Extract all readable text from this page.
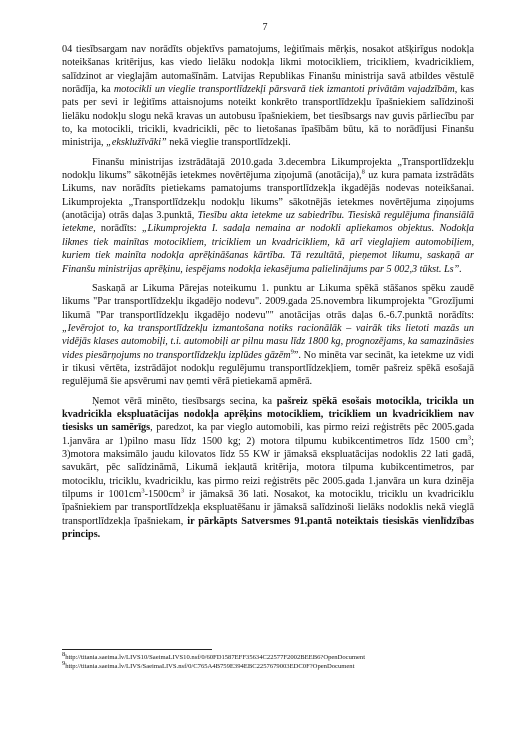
7

04 tiesībsargam nav norādīts objektīvs pamatojums, leģitīmais mērķis, nosakot atšķirīgus nodokļa noteikšanas kritērijus, kas viedo lielāku nodokļa likmi motocikliem, tricikliem, kvadricikliem, salīdzinot ar vieglajām automašīnām. Latvijas Republikas Finanšu ministrija savā atbildes vēstulē norādīja, ka motocikli un vieglie transportlīdzekļi pārsvarā tiek izmantoti privātām vajadzībām, kas pats per sevi ir leģitīms attaisnojums noteikt konkrēto transportlīdzekļu īpašniekiem salīdzinoši lielāku nodokļu slogu nekā kravas un autobusu īpašniekiem, bet tiesībsargs nav guvis pārliecību par to, ka motocikli, tricikli, kvadricikli, pēc to lietošanas īpašībām būtu, kā to norādījusi Finanšu ministrija, „eksklužīvāki” nekā vieglie transportlīdzekļi.

Finanšu ministrijas izstrādātajā 2010.gada 3.decembra Likumprojekta „Transportlīdzekļu nodokļu likums” sākotnējās ietekmes novērtējuma ziņojumā (anotācija),$^8$ uz kura pamata izstrādāts Likums, nav norādīts pietiekams pamatojums transportlīdzekļa ikgadējās nodevas noteikšanai. Likumprojekta „Transportlīdzekļu nodokļu likums” sākotnējās ietekmes novērtējuma ziņojums (anotācija) otrās daļas 3.punktā, Tiesību akta ietekme uz sabiedrību. Tiesiskā regulējuma finansiālā ietekme, norādīts: „Likumprojekta I. sadaļa nemaina ar nodokli apliekamos objektus. Nodokļa likmes tiek mainītas motocikliem, tricikliem un kvadricikliem, kā arī vieglajiem automobiļiem, kuriem tiek mainīta nodokļa aprēķināšanas kārtība. Tā rezultātā, pieņemot likumu, saskaņā ar Finanšu ministrijas aprēķinu, iespējams nodokļa iekasējuma palielinājums par 5 002,3 tūkst. Ls”.

Saskaņā ar Likuma Pārejas noteikumu 1. punktu ar Likuma spēkā stāšanos spēku zaudē likums "Par transportlīdzekļu ikgadējo nodevu". 2009.gada 25.novembra likumprojekta "Grozījumi likumā "Par transportlīdzekļu ikgadējo nodevu"" anotācijas otrās daļas 6.-6.7.punktā norādīts: „Ievērojot to, ka transportlīdzekļu izmantošana notiks racionālāk – vairāk tiks lietoti mazās un vidējās klases automobiļi, t.i. automobiļi ar pilnu masu līdz 1800 kg, prognozējams, ka samazināsies vides piesārņojums no transportlīdzekļu izplūdes gāzēm$^9$”. No minēta var secināt, ka ietekme uz vidi ir tikusi vērtēta, izstrādājot nodokļu regulējumu transportlīdzekļiem, tomēr pašreiz spēkā esošajā regulējumā šie apsvērumi nav ņemti vērā pietiekamā apmērā.

Ņemot vērā minēto, tiesībsargs secina, ka pašreiz spēkā esošais motocikla, tricikla un kvadricikla ekspluatācijas nodokļa aprēķins motocikliem, tricikliem un kvadricikliem nav tiesisks un samērīgs, paredzot, ka par vieglo automobili, kas pirmo reizi reģistrēts pēc 2005.gada 1.janvāra ar 1)pilno masu līdz 1500 kg; 2) motora tilpumu kubikcentimetros līdz 1500 $cm^3$; 3)motora maksimālo jaudu kilovatos līdz 55 KW ir jāmaksā ekspluatācijas nodoklis 22 lati gadā, savukārt, pēc salīdzināmā, Likumā iekļautā kritērija, motora tilpuma kubikcentimetros, par motociklu, triciklu, kvadriciklu, kas pirmo reizi reģistrēts pēc 2005.gada 1.janvāra un kura dzinēja tilpums ir $1001cm^3-1500cm^3$ ir jāmaksā 36 lati. Nosakot, ka motociklu, triciklu un kvadriciklu īpašniekiem par transportlīdzekļa ekspluatēšanu ir jāmaksā salīdzinoši lielāks nodoklis nekā vieglā transportlīdzekļa īpašniekam, ir pārkāpts Satversmes 91.pantā noteiktais tiesiskās vienlīdzības princips.

$^8$http://titania.saeima.lv/LIVS10/SaeimaLIVS10.nsf/0/60FD1587EFF35634C22577F2002BEEB6?OpenDocument

$^9$http://titania.saeima.lv/LIVS/SaeimaLIVS.nsf/0/C765A4B759E394EBC2257679003EDC0F?OpenDocument
